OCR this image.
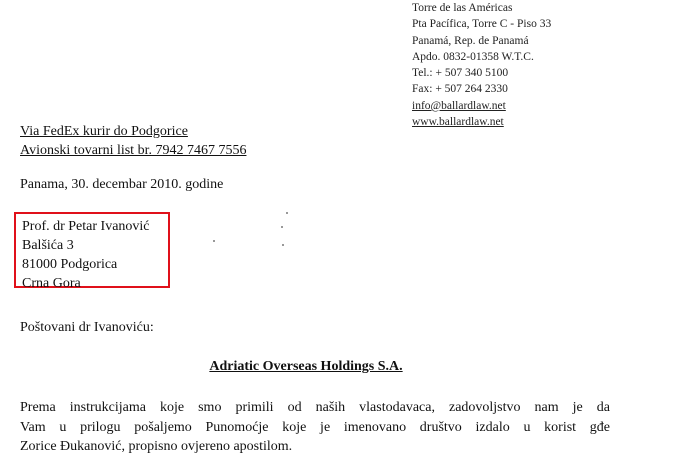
Torre de las Américas
Pta Pacífica, Torre C - Piso 33
Panamá, Rep. de Panamá
Apdo. 0832-01358 W.T.C.
Tel.: + 507 340 5100
Fax: + 507 264 2330
info@ballardlaw.net
www.ballardlaw.net
Via FedEx kurir do Podgorice
Avionski tovarni list br. 7942 7467 7556
Panama, 30. decembar 2010. godine
Prof. dr Petar Ivanović
Balšića 3
81000 Podgorica
Crna Gora
Poštovani dr Ivanoviću:
Adriatic Overseas Holdings S.A.
Prema instrukcijama koje smo primili od naših vlastodavaca, zadovoljstvo nam je da
Vam u prilogu pošaljemo Punomoćje koje je imenovano društvo izdalo u korist gđe
Zorice Đukanović, propisno ovjereno apostilom.
